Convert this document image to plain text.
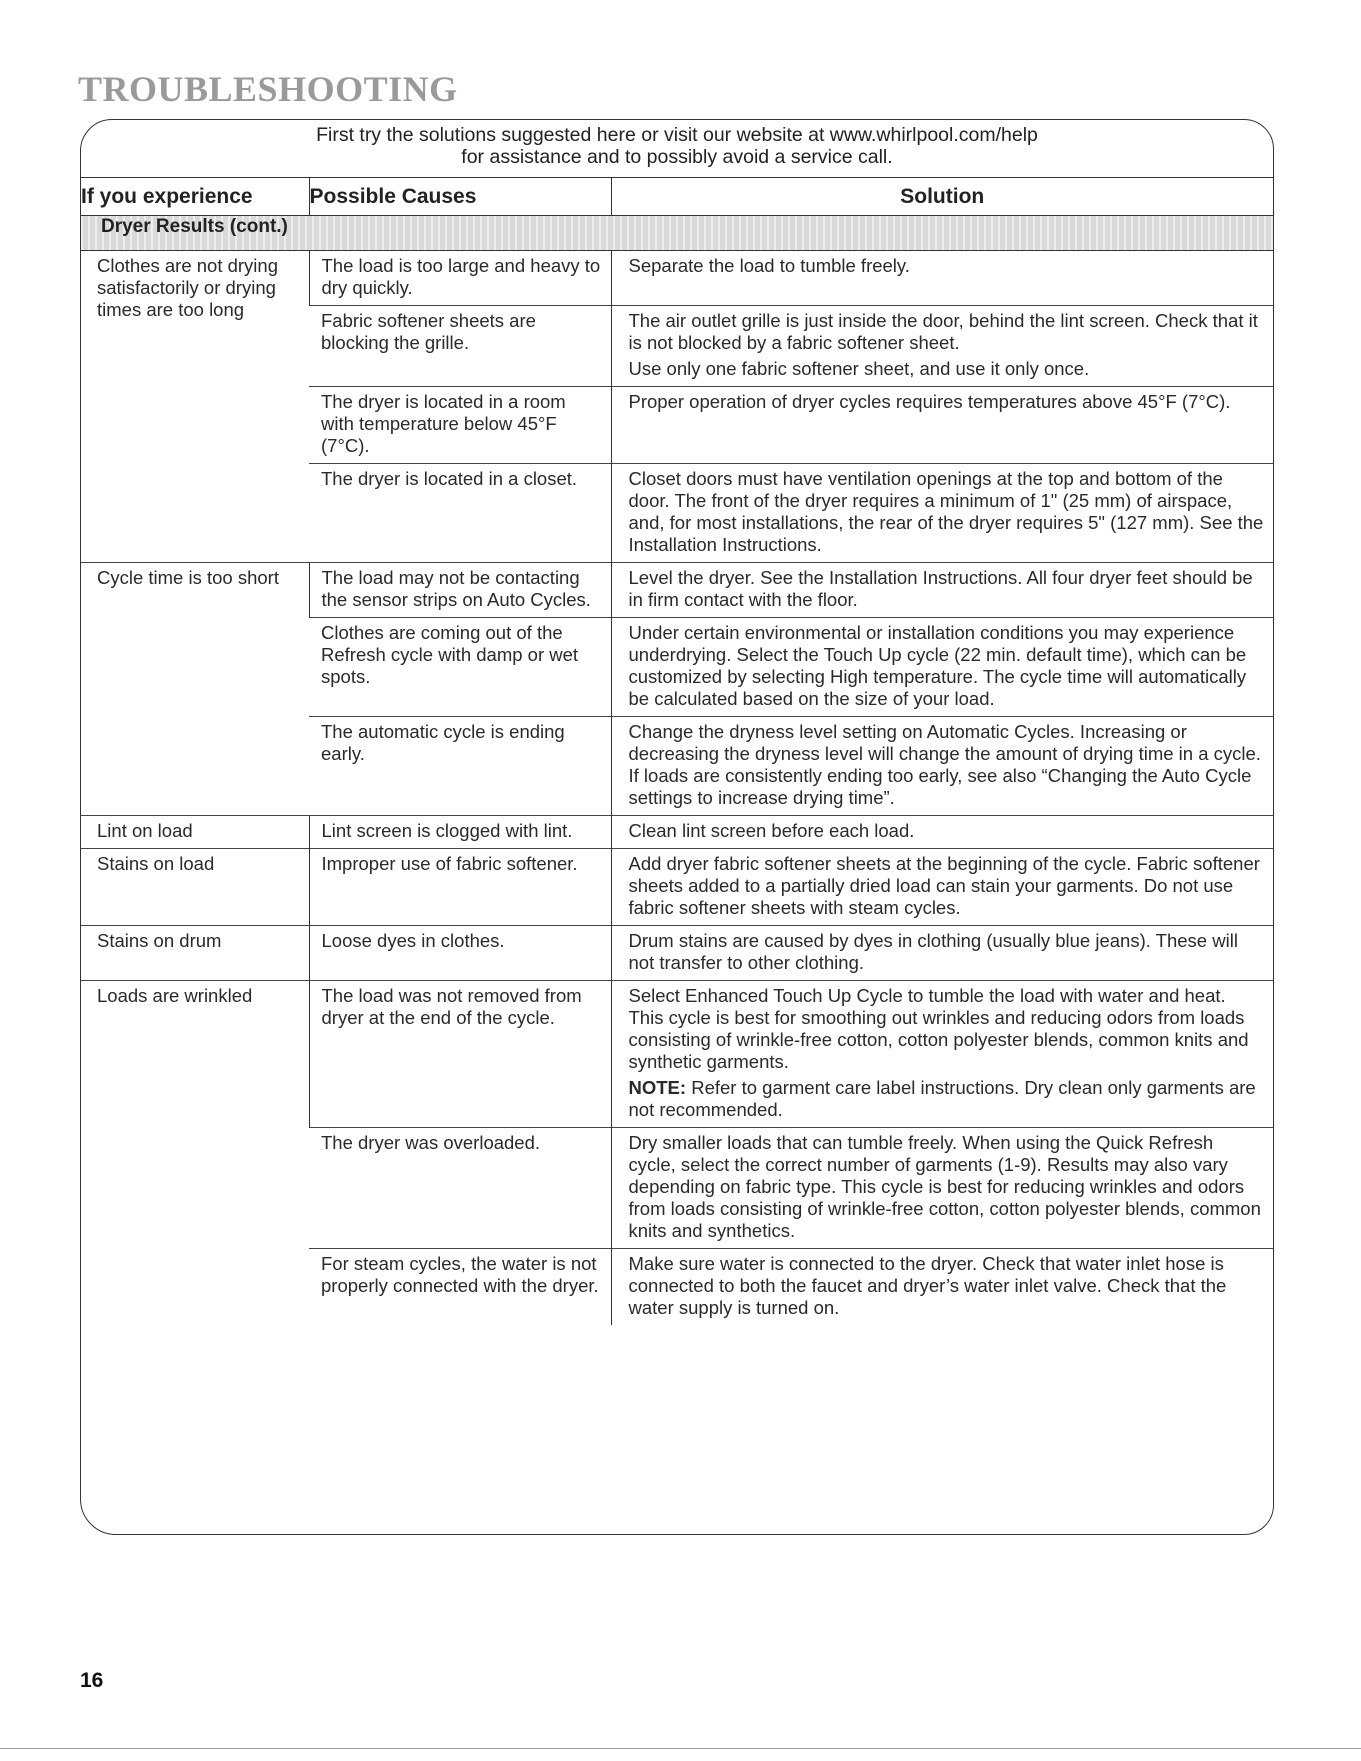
TROUBLESHOOTING
First try the solutions suggested here or visit our website at www.whirlpool.com/help
for assistance and to possibly avoid a service call.
If you experience	Possible Causes	Solution
Dryer Results (cont.)		
Clothes are not drying satisfactorily or drying times are too long	The load is too large and heavy to dry quickly.	Separate the load to tumble freely.

	Fabric softener sheets are blocking the grille.	The air outlet grille is just inside the door, behind the lint screen. Check that it is not blocked by a fabric softener sheet.

Use only one fabric softener sheet, and use it only once.

	The dryer is located in a room with temperature below 45°F (7°C).	Proper operation of dryer cycles requires temperatures above 45°F (7°C).

	The dryer is located in a closet.	Closet doors must have ventilation openings at the top and bottom of the door. The front of the dryer requires a minimum of 1" (25 mm) of airspace, and, for most installations, the rear of the dryer requires 5" (127 mm). See the Installation Instructions.

Cycle time is too short	The load may not be contacting the sensor strips on Auto Cycles.	Level the dryer. See the Installation Instructions. All four dryer feet should be in firm contact with the floor.

	Clothes are coming out of the Refresh cycle with damp or wet spots.	Under certain environmental or installation conditions you may experience underdrying. Select the Touch Up cycle (22 min. default time), which can be customized by selecting High temperature. The cycle time will automatically be calculated based on the size of your load.

	The automatic cycle is ending early.	Change the dryness level setting on Automatic Cycles. Increasing or decreasing the dryness level will change the amount of drying time in a cycle. If loads are consistently ending too early, see also “Changing the Auto Cycle settings to increase drying time”.

Lint on load	Lint screen is clogged with lint.	Clean lint screen before each load.

Stains on load	Improper use of fabric softener.	Add dryer fabric softener sheets at the beginning of the cycle. Fabric softener sheets added to a partially dried load can stain your garments. Do not use fabric softener sheets with steam cycles.

Stains on drum	Loose dyes in clothes.	Drum stains are caused by dyes in clothing (usually blue jeans). These will not transfer to other clothing.

Loads are wrinkled	The load was not removed from dryer at the end of the cycle.	Select Enhanced Touch Up Cycle to tumble the load with water and heat. This cycle is best for smoothing out wrinkles and reducing odors from loads consisting of wrinkle-free cotton, cotton polyester blends, common knits and synthetic garments.

NOTE: Refer to garment care label instructions. Dry clean only garments are not recommended.

	The dryer was overloaded.	Dry smaller loads that can tumble freely. When using the Quick Refresh cycle, select the correct number of garments (1-9). Results may also vary depending on fabric type. This cycle is best for reducing wrinkles and odors from loads consisting of wrinkle-free cotton, cotton polyester blends, common knits and synthetics.

	For steam cycles, the water is not properly connected with the dryer.	Make sure water is connected to the dryer. Check that water inlet hose is connected to both the faucet and dryer’s water inlet valve. Check that the water supply is turned on.

16
